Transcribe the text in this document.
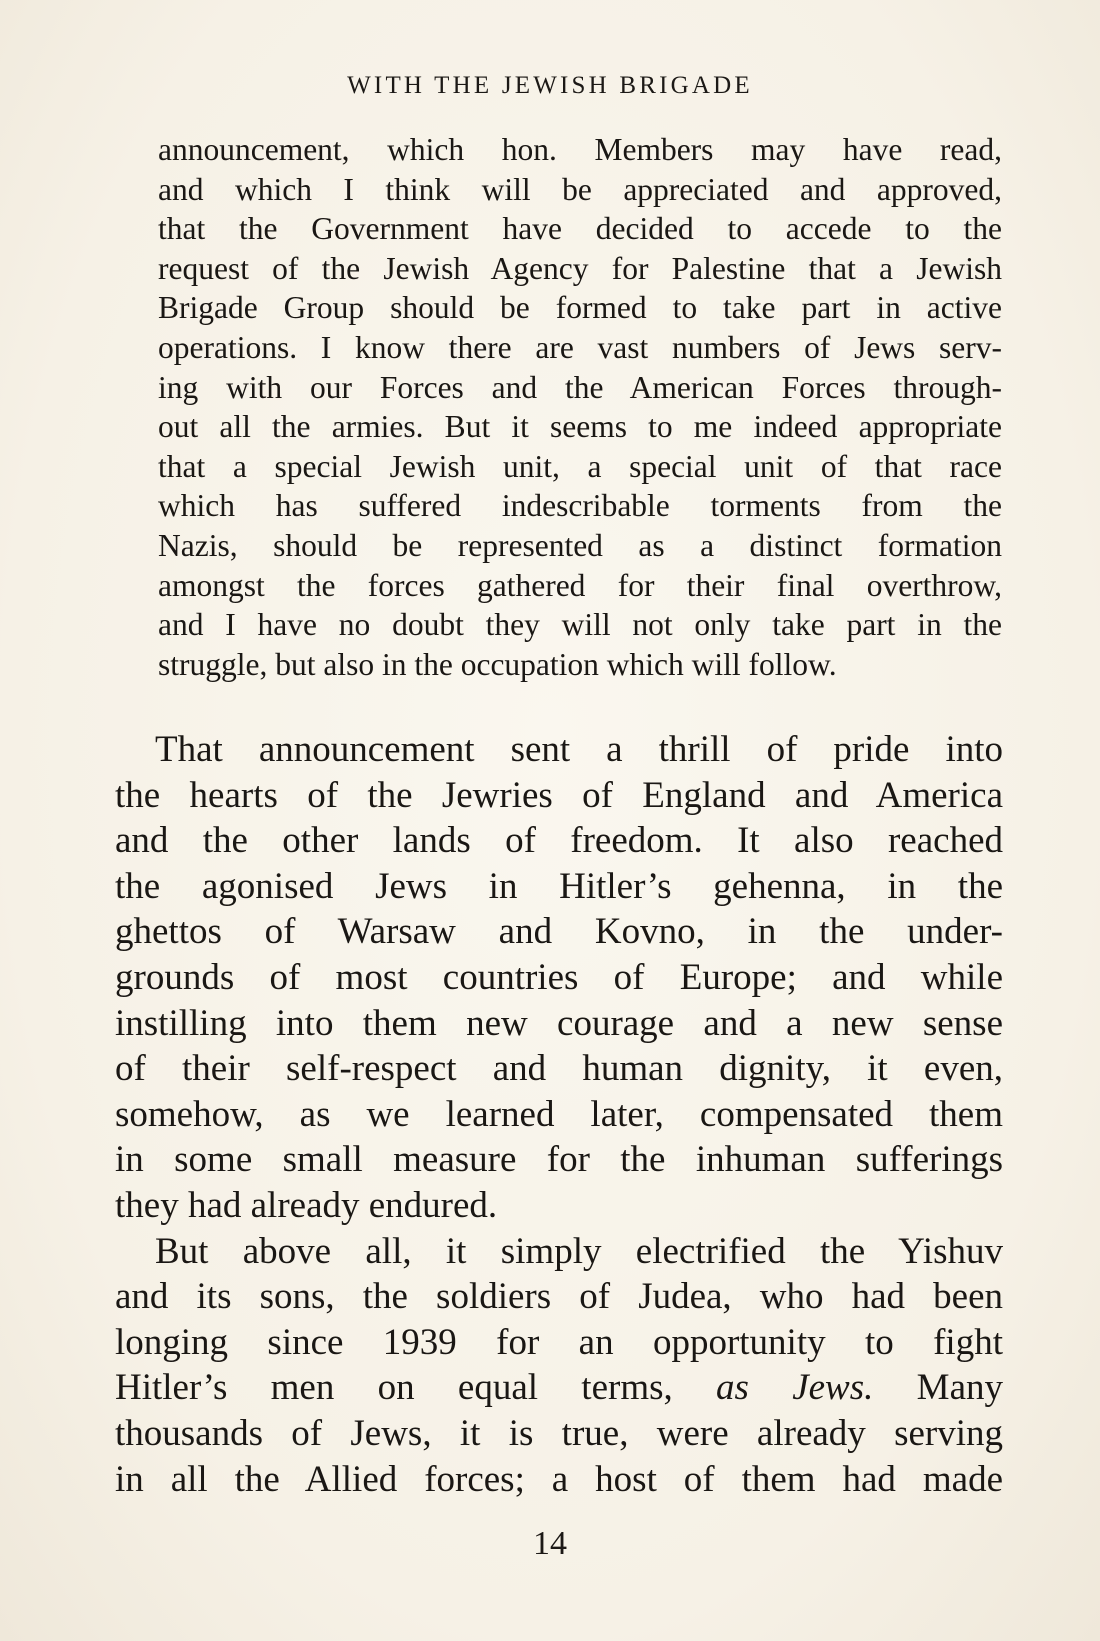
WITH THE JEWISH BRIGADE
announcement, which hon. Members may have read,
and which I think will be appreciated and approved,
that the Government have decided to accede to the
request of the Jewish Agency for Palestine that a Jewish
Brigade Group should be formed to take part in active
operations. I know there are vast numbers of Jews serv-
ing with our Forces and the American Forces through-
out all the armies. But it seems to me indeed appropriate
that a special Jewish unit, a special unit of that race
which has suffered indescribable torments from the
Nazis, should be represented as a distinct formation
amongst the forces gathered for their final overthrow,
and I have no doubt they will not only take part in the
struggle, but also in the occupation which will follow.
That announcement sent a thrill of pride into
the hearts of the Jewries of England and America
and the other lands of freedom. It also reached
the agonised Jews in Hitler’s gehenna, in the
ghettos of Warsaw and Kovno, in the under-
grounds of most countries of Europe; and while
instilling into them new courage and a new sense
of their self-respect and human dignity, it even,
somehow, as we learned later, compensated them
in some small measure for the inhuman sufferings
they had already endured.
But above all, it simply electrified the Yishuv
and its sons, the soldiers of Judea, who had been
longing since 1939 for an opportunity to fight
Hitler’s men on equal terms, as Jews. Many
thousands of Jews, it is true, were already serving
in all the Allied forces; a host of them had made
14
